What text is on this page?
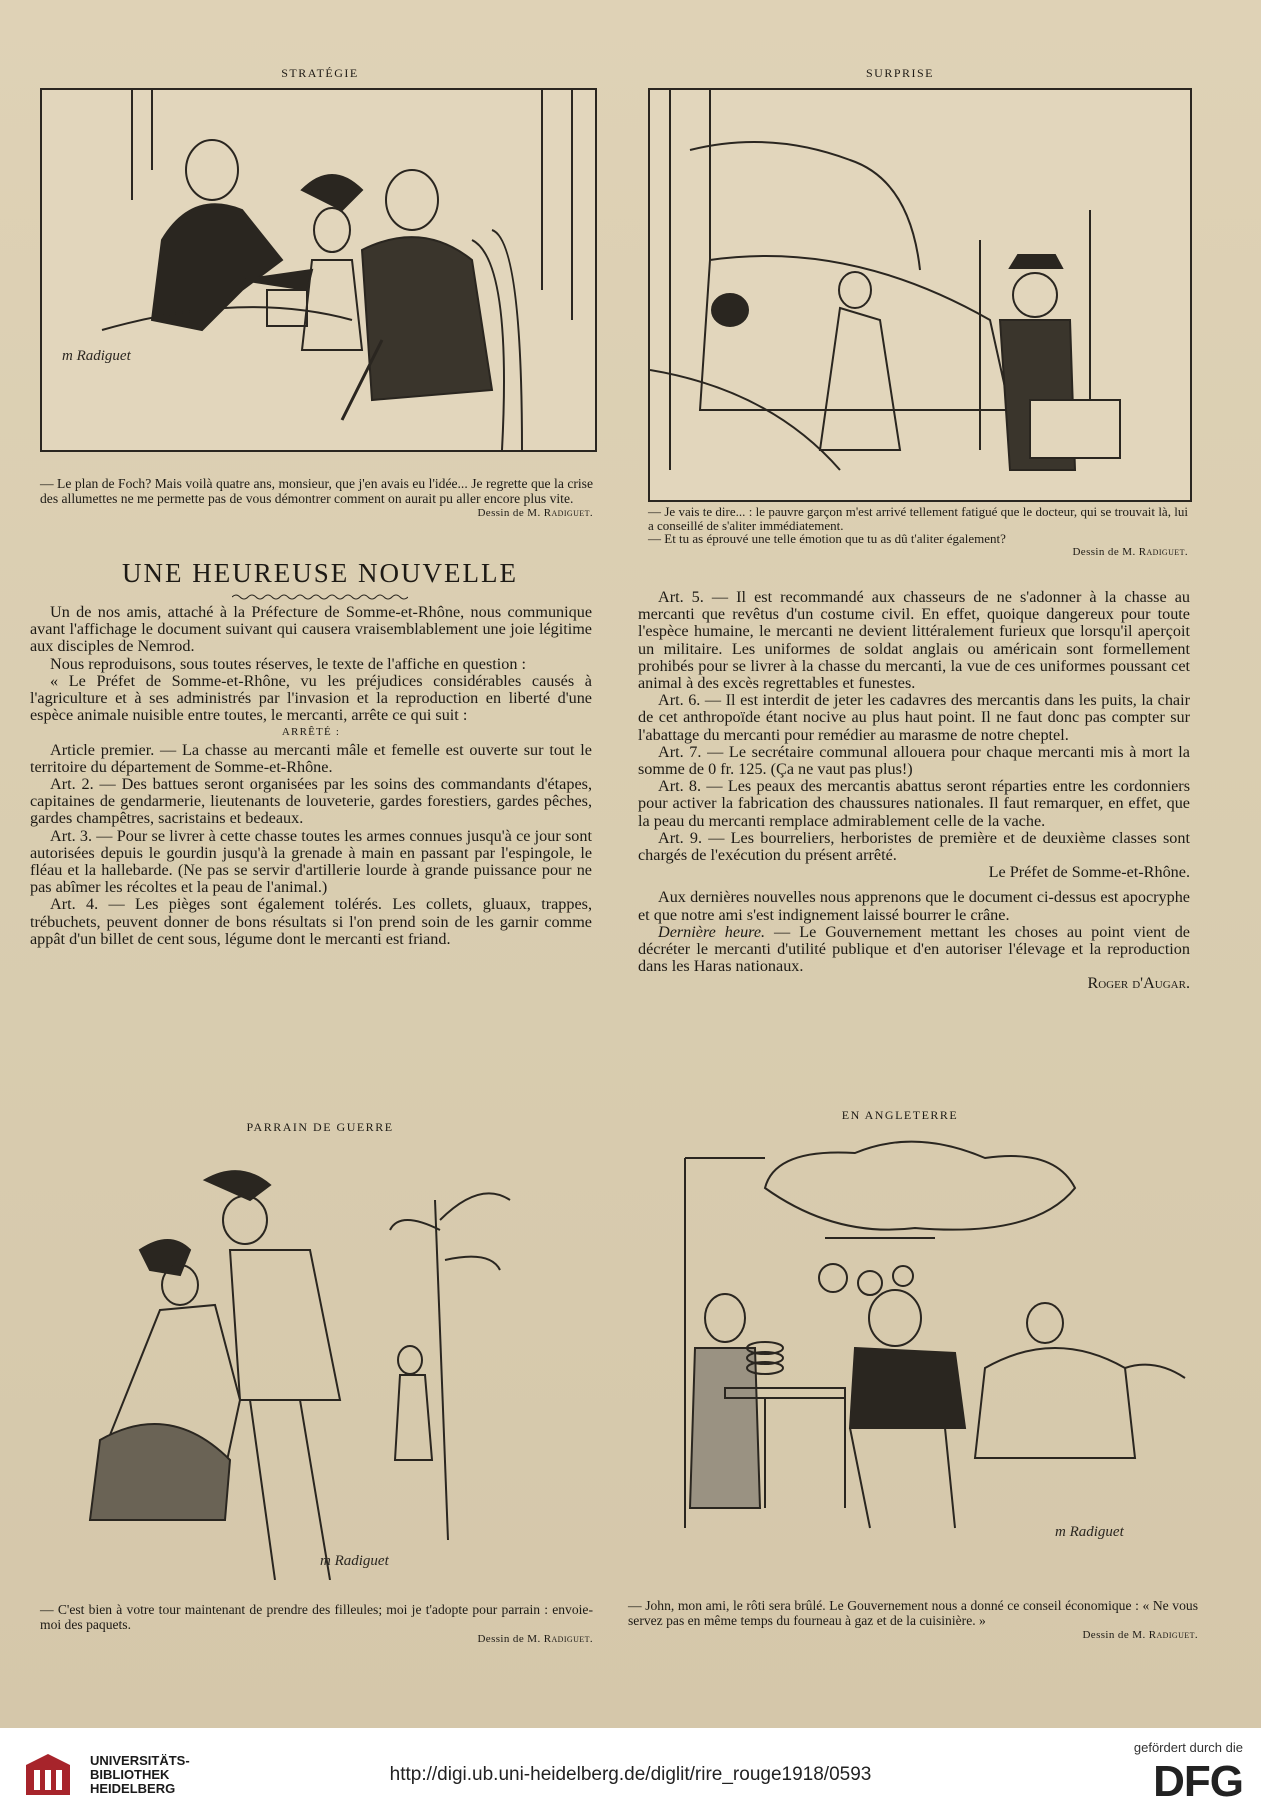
STRATÉGIE
m Radiguet
— Le plan de Foch? Mais voilà quatre ans, monsieur, que j'en avais eu l'idée... Je regrette que la crise des allumettes ne me permette pas de vous démontrer comment on aurait pu aller encore plus vite.
Dessin de M. Radiguet.
SURPRISE
— Je vais te dire... : le pauvre garçon m'est arrivé tellement fatigué que le docteur, qui se trouvait là, lui a conseillé de s'aliter immédiatement.
— Et tu as éprouvé une telle émotion que tu as dû t'aliter également?
Dessin de M. Radiguet.
UNE HEUREUSE NOUVELLE

Un de nos amis, attaché à la Préfecture de Somme-et-Rhône, nous communique avant l'affichage le document suivant qui causera vraisemblablement une joie légitime aux disciples de Nemrod.

Nous reproduisons, sous toutes réserves, le texte de l'affiche en question :

« Le Préfet de Somme-et-Rhône, vu les préjudices considérables causés à l'agriculture et à ses administrés par l'invasion et la reproduction en liberté d'une espèce animale nuisible entre toutes, le mercanti, arrête ce qui suit :

ARRÊTÉ :

Article premier. — La chasse au mercanti mâle et femelle est ouverte sur tout le territoire du département de Somme-et-Rhône.

Art. 2. — Des battues seront organisées par les soins des commandants d'étapes, capitaines de gendarmerie, lieutenants de louveterie, gardes forestiers, gardes pêches, gardes champêtres, sacristains et bedeaux.

Art. 3. — Pour se livrer à cette chasse toutes les armes connues jusqu'à ce jour sont autorisées depuis le gourdin jusqu'à la grenade à main en passant par l'espingole, le fléau et la hallebarde. (Ne pas se servir d'artillerie lourde à grande puissance pour ne pas abîmer les récoltes et la peau de l'animal.)

Art. 4. — Les pièges sont également tolérés. Les collets, gluaux, trappes, trébuchets, peuvent donner de bons résultats si l'on prend soin de les garnir comme appât d'un billet de cent sous, légume dont le mercanti est friand.

Art. 5. — Il est recommandé aux chasseurs de ne s'adonner à la chasse au mercanti que revêtus d'un costume civil. En effet, quoique dangereux pour toute l'espèce humaine, le mercanti ne devient littéralement furieux que lorsqu'il aperçoit un militaire. Les uniformes de soldat anglais ou américain sont formellement prohibés pour se livrer à la chasse du mercanti, la vue de ces uniformes poussant cet animal à des excès regrettables et funestes.

Art. 6. — Il est interdit de jeter les cadavres des mercantis dans les puits, la chair de cet anthropoïde étant nocive au plus haut point. Il ne faut donc pas compter sur l'abattage du mercanti pour remédier au marasme de notre cheptel.

Art. 7. — Le secrétaire communal allouera pour chaque mercanti mis à mort la somme de 0 fr. 125. (Ça ne vaut pas plus!)

Art. 8. — Les peaux des mercantis abattus seront réparties entre les cordonniers pour activer la fabrication des chaussures nationales. Il faut remarquer, en effet, que la peau du mercanti remplace admirablement celle de la vache.

Art. 9. — Les bourreliers, herboristes de première et de deuxième classes sont chargés de l'exécution du présent arrêté.

Le Préfet de Somme-et-Rhône.

Aux dernières nouvelles nous apprenons que le document ci-dessus est apocryphe et que notre ami s'est indignement laissé bourrer le crâne.

Dernière heure. — Le Gouvernement mettant les choses au point vient de décréter le mercanti d'utilité publique et d'en autoriser l'élevage et la reproduction dans les Haras nationaux.

Roger d'Augar.

PARRAIN DE GUERRE
m Radiguet
— C'est bien à votre tour maintenant de prendre des filleules; moi je t'adopte pour parrain : envoie-moi des paquets.
Dessin de M. Radiguet.
EN ANGLETERRE
m Radiguet
— John, mon ami, le rôti sera brûlé. Le Gouvernement nous a donné ce conseil économique : « Ne vous servez pas en même temps du fourneau à gaz et de la cuisinière. »
Dessin de M. Radiguet.
UNIVERSITÄTS-
BIBLIOTHEK
HEIDELBERG
http://digi.ub.uni-heidelberg.de/diglit/rire_rouge1918/0593
gefördert durch die
DFG
